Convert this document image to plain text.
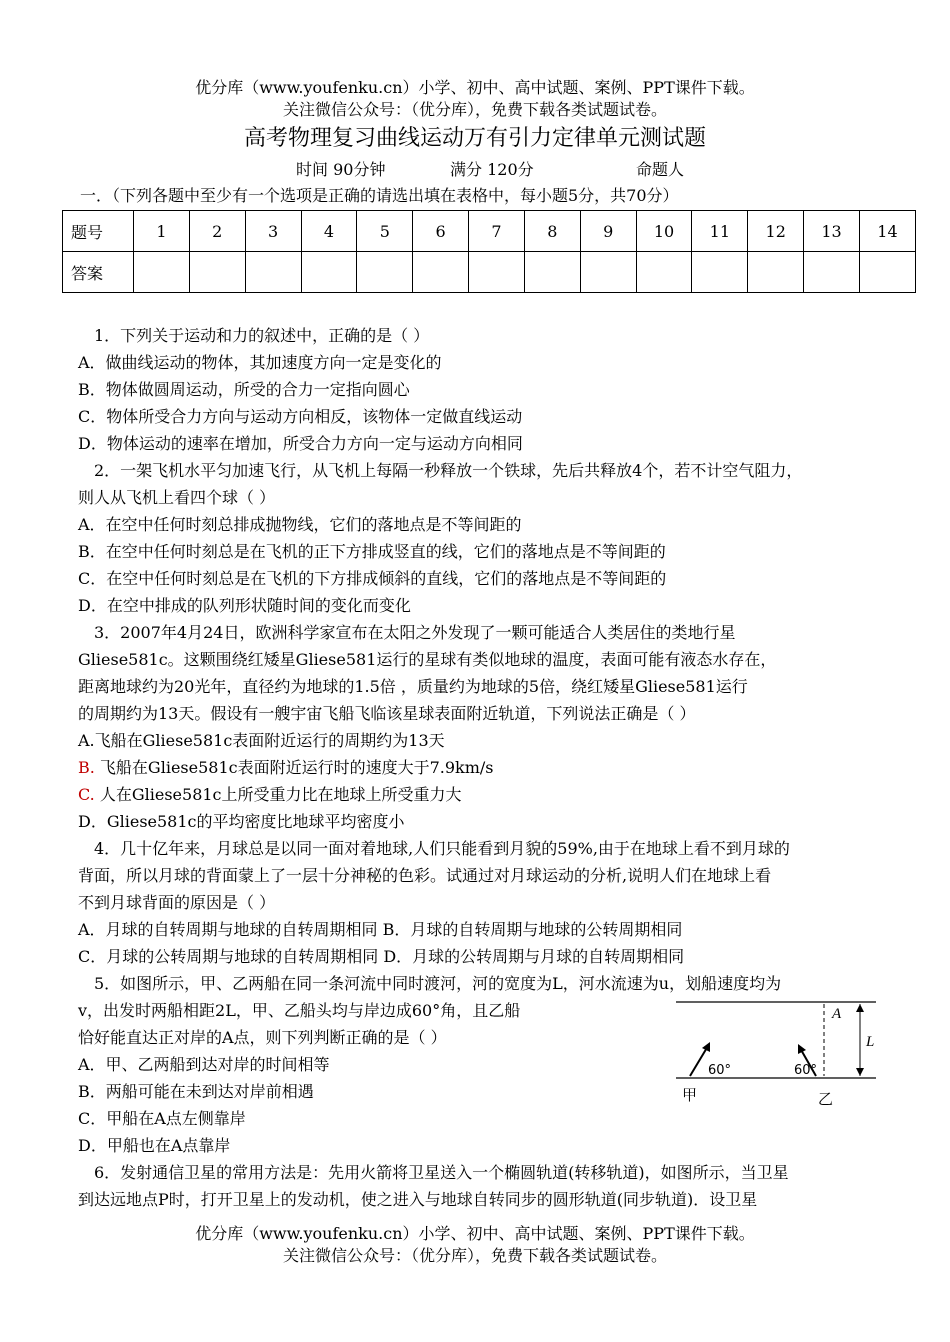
优分库（www.youfenku.cn）小学、初中、高中试题、案例、PPT课件下载。
关注微信公众号：（优分库），免费下载各类试题试卷。
高考物理复习曲线运动万有引力定律单元测试题
时间 90分钟	满分 120分	命题人
一．（下列各题中至少有一个选项是正确的请选出填在表格中，每小题5分，共70分）
题号	1	2	3	4	5	6	7	8	9	10	11	12	13	14
答案														
1．下列关于运动和力的叙述中，正确的是（ ）
A．做曲线运动的物体，其加速度方向一定是变化的
B．物体做圆周运动，所受的合力一定指向圆心
C．物体所受合力方向与运动方向相反，该物体一定做直线运动
D．物体运动的速率在增加，所受合力方向一定与运动方向相同
2．一架飞机水平匀加速飞行，从飞机上每隔一秒释放一个铁球，先后共释放4个，若不计空气阻力，
则人从飞机上看四个球（ ）
A．在空中任何时刻总排成抛物线，它们的落地点是不等间距的
B．在空中任何时刻总是在飞机的正下方排成竖直的线，它们的落地点是不等间距的
C．在空中任何时刻总是在飞机的下方排成倾斜的直线，它们的落地点是不等间距的
D．在空中排成的队列形状随时间的变化而变化
3．2007年4月24日，欧洲科学家宣布在太阳之外发现了一颗可能适合人类居住的类地行星
Gliese581c。这颗围绕红矮星Gliese581运行的星球有类似地球的温度，表面可能有液态水存在，
距离地球约为20光年，直径约为地球的1.5倍 ，质量约为地球的5倍，绕红矮星Gliese581运行
的周期约为13天。假设有一艘宇宙飞船飞临该星球表面附近轨道，下列说法正确是（ ）
A.飞船在Gliese581c表面附近运行的周期约为13天
B. 飞船在Gliese581c表面附近运行时的速度大于7.9km/s
C. 人在Gliese581c上所受重力比在地球上所受重力大
D．Gliese581c的平均密度比地球平均密度小
4．几十亿年来，月球总是以同一面对着地球,人们只能看到月貌的59%,由于在地球上看不到月球的
背面，所以月球的背面蒙上了一层十分神秘的色彩。试通过对月球运动的分析,说明人们在地球上看
不到月球背面的原因是（ ）
A．月球的自转周期与地球的自转周期相同 B．月球的自转周期与地球的公转周期相同
C．月球的公转周期与地球的自转周期相同 D．月球的公转周期与月球的自转周期相同
5．如图所示，甲、乙两船在同一条河流中同时渡河，河的宽度为L，河水流速为u，划船速度均为
v，出发时两船相距2L，甲、乙船头均与岸边成60°角，且乙船
恰好能直达正对岸的A点，则下列判断正确的是（ ）
A．甲、乙两船到达对岸的时间相等
B．两船可能在未到达对岸前相遇
C．甲船在A点左侧靠岸
D．甲船也在A点靠岸
A
L
60°	60°
甲	乙
6．发射通信卫星的常用方法是：先用火箭将卫星送入一个椭圆轨道(转移轨道)，如图所示，当卫星
到达远地点P时，打开卫星上的发动机，使之进入与地球自转同步的圆形轨道(同步轨道)．设卫星
优分库（www.youfenku.cn）小学、初中、高中试题、案例、PPT课件下载。
关注微信公众号：（优分库），免费下载各类试题试卷。
